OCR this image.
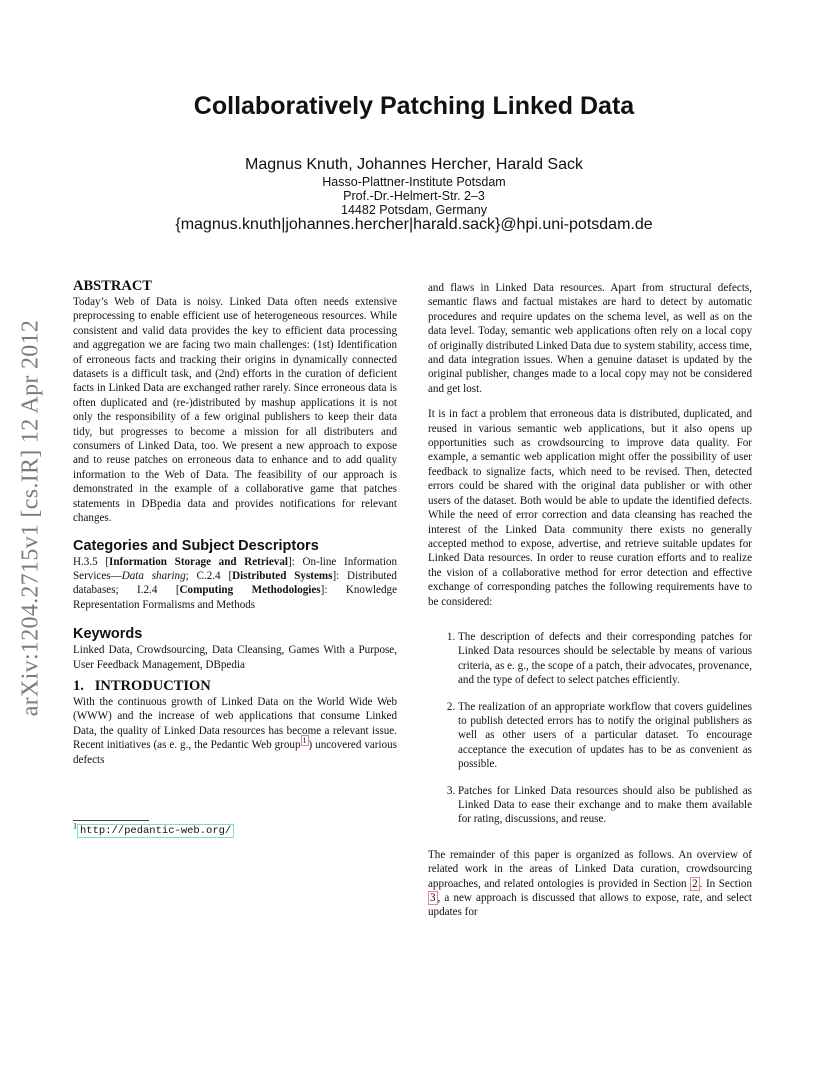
Collaboratively Patching Linked Data
Magnus Knuth, Johannes Hercher, Harald Sack
Hasso-Plattner-Institute Potsdam
Prof.-Dr.-Helmert-Str. 2–3
14482 Potsdam, Germany
{magnus.knuth|johannes.hercher|harald.sack}@hpi.uni-potsdam.de
arXiv:1204.2715v1 [cs.IR] 12 Apr 2012
ABSTRACT

Today’s Web of Data is noisy. Linked Data often needs extensive preprocessing to enable efficient use of heterogeneous resources. While consistent and valid data provides the key to efficient data processing and aggregation we are facing two main challenges: (1st) Identification of erroneous facts and tracking their origins in dynamically connected datasets is a difficult task, and (2nd) efforts in the curation of deficient facts in Linked Data are exchanged rather rarely. Since erroneous data is often duplicated and (re-)distributed by mashup applications it is not only the responsibility of a few original publishers to keep their data tidy, but progresses to become a mission for all distributers and consumers of Linked Data, too. We present a new approach to expose and to reuse patches on erroneous data to enhance and to add quality information to the Web of Data. The feasibility of our approach is demonstrated in the example of a collaborative game that patches statements in DBpedia data and provides notifications for relevant changes.

Categories and Subject Descriptors

H.3.5 [Information Storage and Retrieval]: On-line Information Services—Data sharing; C.2.4 [Distributed Systems]: Distributed databases; I.2.4 [Computing Methodologies]: Knowledge Representation Formalisms and Methods

Keywords

Linked Data, Crowdsourcing, Data Cleansing, Games With a Purpose, User Feedback Management, DBpedia

1.   INTRODUCTION

With the continuous growth of Linked Data on the World Wide Web (WWW) and the increase of web applications that consume Linked Data, the quality of Linked Data resources has become a relevant issue. Recent initiatives (as e. g., the Pedantic Web group $^1$ ) uncovered various defects

$^1$ http://pedantic-web.org/

and flaws in Linked Data resources. Apart from structural defects, semantic flaws and factual mistakes are hard to detect by automatic procedures and require updates on the schema level, as well as on the data level. Today, semantic web applications often rely on a local copy of originally distributed Linked Data due to system stability, access time, and data integration issues. When a genuine dataset is updated by the original publisher, changes made to a local copy may not be considered and get lost.

It is in fact a problem that erroneous data is distributed, duplicated, and reused in various semantic web applications, but it also opens up opportunities such as crowdsourcing to improve data quality. For example, a semantic web application might offer the possibility of user feedback to signalize facts, which need to be revised. Then, detected errors could be shared with the original data publisher or with other users of the dataset. Both would be able to update the identified defects. While the need of error correction and data cleansing has reached the interest of the Linked Data community there exists no generally accepted method to expose, advertise, and retrieve suitable updates for Linked Data resources. In order to reuse curation efforts and to realize the vision of a collaborative method for error detection and effective exchange of corresponding patches the following requirements have to be considered:

1. The description of defects and their corresponding patches for Linked Data resources should be selectable by means of various criteria, as e. g., the scope of a patch, their advocates, provenance, and the type of defect to select patches efficiently.
2. The realization of an appropriate workflow that covers guidelines to publish detected errors has to notify the original publishers as well as other users of a particular dataset. To encourage acceptance the execution of updates has to be as convenient as possible.
3. Patches for Linked Data resources should also be published as Linked Data to ease their exchange and to make them available for rating, discussions, and reuse.

The remainder of this paper is organized as follows. An overview of related work in the areas of Linked Data curation, crowdsourcing approaches, and related ontologies is provided in Section 2 . In Section 3 , a new approach is discussed that allows to expose, rate, and select updates for
